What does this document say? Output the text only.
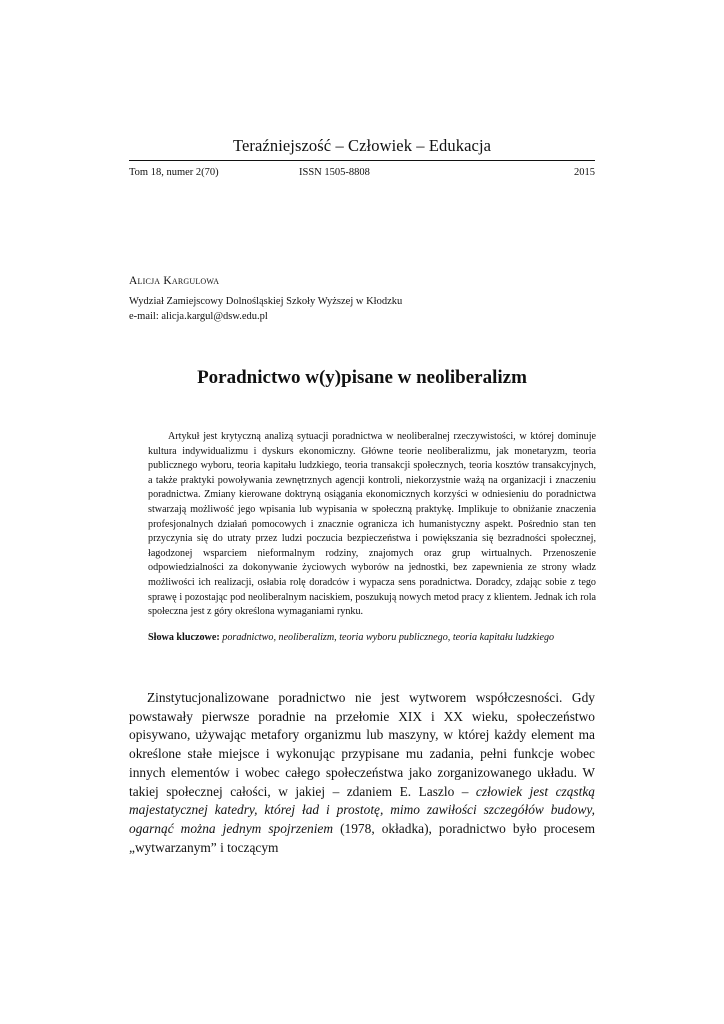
Teraźniejszość – Człowiek – Edukacja
Tom 18, numer 2(70)	ISSN 1505-8808	2015
Alicja Kargulowa
Wydział Zamiejscowy Dolnośląskiej Szkoły Wyższej w Kłodzku
e-mail: alicja.kargul@dsw.edu.pl
Poradnictwo w(y)pisane w neoliberalizm

Artykuł jest krytyczną analizą sytuacji poradnictwa w neoliberalnej rzeczywistości, w której dominuje kultura indywidualizmu i dyskurs ekonomiczny. Główne teorie neoliberalizmu, jak monetaryzm, teoria publicznego wyboru, teoria kapitału ludzkiego, teoria transakcji społecznych, teoria kosztów transakcyjnych, a także praktyki powoływania zewnętrznych agencji kontroli, niekorzystnie ważą na organizacji i znaczeniu poradnictwa. Zmiany kierowane doktryną osiągania ekonomicznych korzyści w odniesieniu do poradnictwa stwarzają możliwość jego wpisania lub wypisania w społeczną praktykę. Implikuje to obniżanie znaczenia profesjonalnych działań pomocowych i znacznie ogranicza ich humanistyczny aspekt. Pośrednio stan ten przyczynia się do utraty przez ludzi poczucia bezpieczeństwa i powiększania się bezradności społecznej, łagodzonej wsparciem nieformalnym rodziny, znajomych oraz grup wirtualnych. Przenoszenie odpowiedzialności za dokonywanie życiowych wyborów na jednostki, bez zapewnienia ze strony władz możliwości ich realizacji, osłabia rolę doradców i wypacza sens poradnictwa. Doradcy, zdając sobie z tego sprawę i pozostając pod neoliberalnym naciskiem, poszukują nowych metod pracy z klientem. Jednak ich rola społeczna jest z góry określona wymaganiami rynku.

Słowa kluczowe: poradnictwo, neoliberalizm, teoria wyboru publicznego, teoria kapitału ludzkiego

Zinstytucjonalizowane poradnictwo nie jest wytworem współczesności. Gdy powstawały pierwsze poradnie na przełomie XIX i XX wieku, społeczeństwo opisywano, używając metafory organizmu lub maszyny, w której każdy element ma określone stałe miejsce i wykonując przypisane mu zadania, pełni funkcje wobec innych elementów i wobec całego społeczeństwa jako zorganizowanego układu. W takiej społecznej całości, w jakiej – zdaniem E. Laszlo – człowiek jest cząstką majestatycznej katedry, której ład i prostotę, mimo zawiłości szczegółów budowy, ogarnąć można jednym spojrzeniem (1978, okładka), poradnictwo było procesem „wytwarzanym” i toczącym
